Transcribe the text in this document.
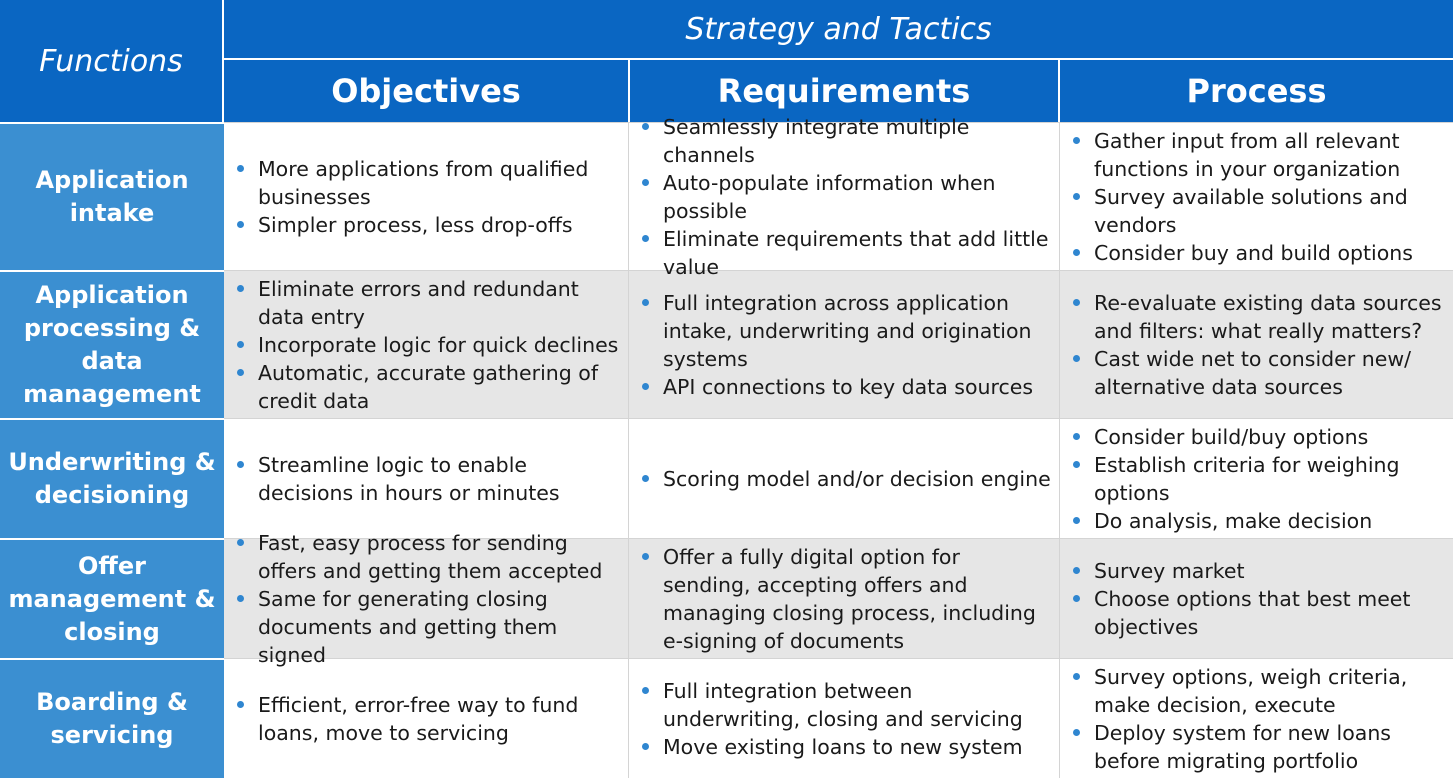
Functions
Strategy and Tactics
Objectives	Requirements	Process
Application intake
More applications from qualified businesses
Simpler process, less drop-offs
Seamlessly integrate multiple channels
Auto-populate information when possible
Eliminate requirements that add little value
Gather input from all relevant functions in your organization
Survey available solutions and vendors
Consider buy and build options
Application processing & data management
Eliminate errors and redundant data entry
Incorporate logic for quick declines
Automatic, accurate gathering of credit data
Full integration across application intake, underwriting and origination systems
API connections to key data sources
Re-evaluate existing data sources and filters: what really matters?
Cast wide net to consider new/ alternative data sources
Underwriting & decisioning
Streamline logic to enable decisions in hours or minutes
Scoring model and/or decision engine
Consider build/buy options
Establish criteria for weighing options
Do analysis, make decision
Offer management & closing
Fast, easy process for sending offers and getting them accepted
Same for generating closing documents and getting them signed
Offer a fully digital option for sending, accepting offers and managing closing process, including e-signing of documents
Survey market
Choose options that best meet objectives
Boarding & servicing
Efficient, error-free way to fund loans, move to servicing
Full integration between underwriting, closing and servicing
Move existing loans to new system
Survey options, weigh criteria, make decision, execute
Deploy system for new loans before migrating portfolio
